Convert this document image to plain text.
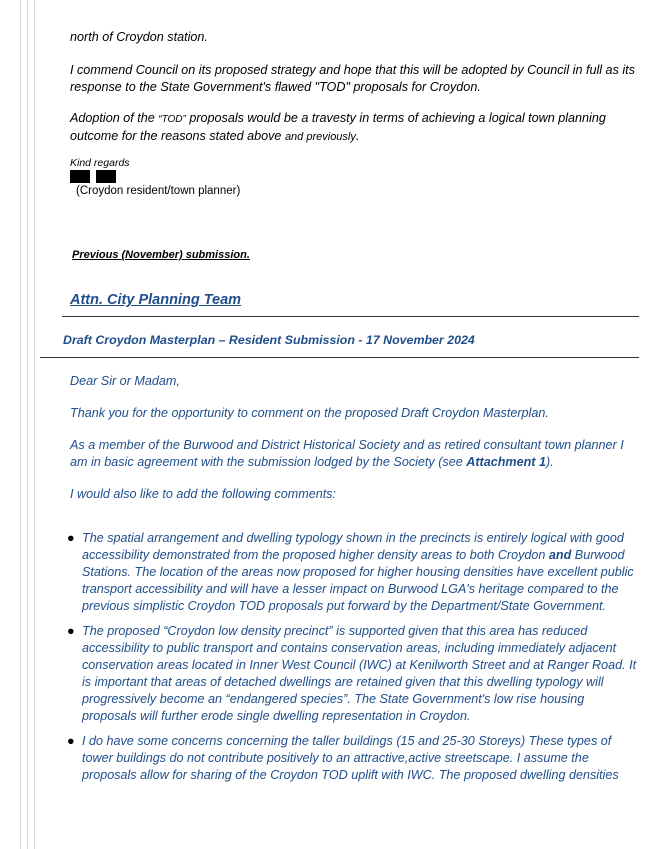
north of Croydon station.

I commend Council on its proposed strategy and hope that this will be adopted by Council in full as its response to the State Government's flawed "TOD" proposals for Croydon.

Adoption of the “TOD” proposals would be a travesty in terms of achieving a logical town planning outcome for the reasons stated above and previously.

Kind regards

(Croydon resident/town planner)

Previous (November) submission.

Attn. City Planning Team

Draft Croydon Masterplan – Resident Submission - 17 November 2024

Dear Sir or Madam,

Thank you for the opportunity to comment on the proposed Draft Croydon Masterplan.

As a member of the Burwood and District Historical Society and as retired consultant town planner I am in basic agreement with the submission lodged by the Society (see Attachment 1).

I would also like to add the following comments:

● The spatial arrangement and dwelling typology shown in the precincts is entirely logical with good accessibility demonstrated from the proposed higher density areas to both Croydon and Burwood Stations. The location of the areas now proposed for higher housing densities have excellent public transport accessibility and will have a lesser impact on Burwood LGA's heritage compared to the previous simplistic Croydon TOD proposals put forward by the Department/State Government.
● The proposed “Croydon low density precinct” is supported given that this area has reduced accessibility to public transport and contains conservation areas, including immediately adjacent conservation areas located in Inner West Council (IWC) at Kenilworth Street and at Ranger Road. It is important that areas of detached dwellings are retained given that this dwelling typology will progressively become an “endangered species”. The State Government's low rise housing proposals will further erode single dwelling representation in Croydon.
● I do have some concerns concerning the taller buildings (15 and 25-30 Storeys) These types of tower buildings do not contribute positively to an attractive,active streetscape. I assume the proposals allow for sharing of the Croydon TOD uplift with IWC. The proposed dwelling densities
